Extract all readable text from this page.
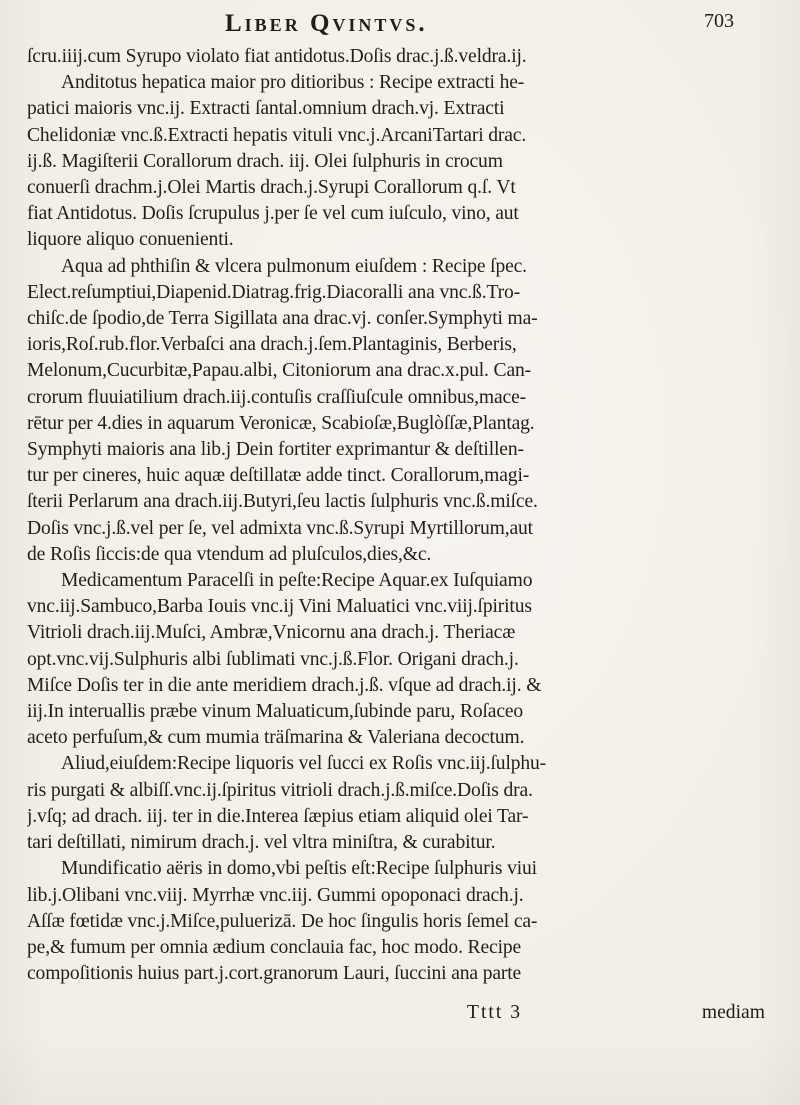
Liber Qvintvs.	703
ſcru.iiij.cum Syrupo violato fiat antidotus.Doſis drac.j.ß.veldra.ij.
Anditotus hepatica maior pro ditioribus : Recipe extracti he-
patici maioris vnc.ij. Extracti ſantal.omnium drach.vj. Extracti
Chelidoniæ vnc.ß.Extracti hepatis vituli vnc.j.ArcaniTartari drac.
ij.ß. Magiſterii Corallorum drach. iij. Olei ſulphuris in crocum
conuerſi drachm.j.Olei Martis drach.j.Syrupi Corallorum q.ſ. Vt
fiat Antidotus. Doſis ſcrupulus j.per ſe vel cum iuſculo, vino, aut
liquore aliquo conuenienti.
Aqua ad phthiſin & vlcera pulmonum eiuſdem : Recipe ſpec.
Elect.reſumptiui,Diapenid.Diatrag.frig.Diacoralli ana vnc.ß.Tro-
chiſc.de ſpodio,de Terra Sigillata ana drac.vj. conſer.Symphyti ma-
ioris,Roſ.rub.flor.Verbaſci ana drach.j.ſem.Plantaginis, Berberis,
Melonum,Cucurbitæ,Papau.albi, Citoniorum ana drac.x.pul. Can-
crorum fluuiatilium drach.iij.contuſis craſſiuſcule omnibus,mace-
rētur per 4.dies in aquarum Veronicæ, Scabioſæ,Buglòſſæ,Plantag.
Symphyti maioris ana lib.j Dein fortiter exprimantur & deſtillen-
tur per cineres, huic aquæ deſtillatæ adde tinct. Corallorum,magi-
ſterii Perlarum ana drach.iij.Butyri,ſeu lactis ſulphuris vnc.ß.miſce.
Doſis vnc.j.ß.vel per ſe, vel admixta vnc.ß.Syrupi Myrtillorum,aut
de Roſis ſiccis:de qua vtendum ad pluſculos,dies,&c.
Medicamentum Paracelſi in peſte:Recipe Aquar.ex Iuſquiamo
vnc.iij.Sambuco,Barba Iouis vnc.ij Vini Maluatici vnc.viij.ſpiritus
Vitrioli drach.iij.Muſci, Ambræ,Vnicornu ana drach.j. Theriacæ
opt.vnc.vij.Sulphuris albi ſublimati vnc.j.ß.Flor. Origani drach.j.
Miſce Doſis ter in die ante meridiem drach.j.ß. vſque ad drach.ij. &
iij.In interuallis præbe vinum Maluaticum,ſubinde paru, Roſaceo
aceto perfuſum,& cum mumia träſmarina & Valeriana decoctum.
Aliud,eiuſdem:Recipe liquoris vel ſucci ex Roſis vnc.iij.ſulphu-
ris purgati & albiſſ.vnc.ij.ſpiritus vitrioli drach.j.ß.miſce.Doſis dra.
j.vſq; ad drach. iij. ter in die.Interea ſæpius etiam aliquid olei Tar-
tari deſtillati, nimirum drach.j. vel vltra miniſtra, & curabitur.
Mundificatio aëris in domo,vbi peſtis eſt:Recipe ſulphuris viui
lib.j.Olibani vnc.viij. Myrrhæ vnc.iij. Gummi opoponaci drach.j.
Aſſæ fœtidæ vnc.j.Miſce,puluerizā. De hoc ſingulis horis ſemel ca-
pe,& fumum per omnia ædium conclauia fac, hoc modo. Recipe
compoſitionis huius part.j.cort.granorum Lauri, ſuccini ana parte
Tttt 3	mediam
